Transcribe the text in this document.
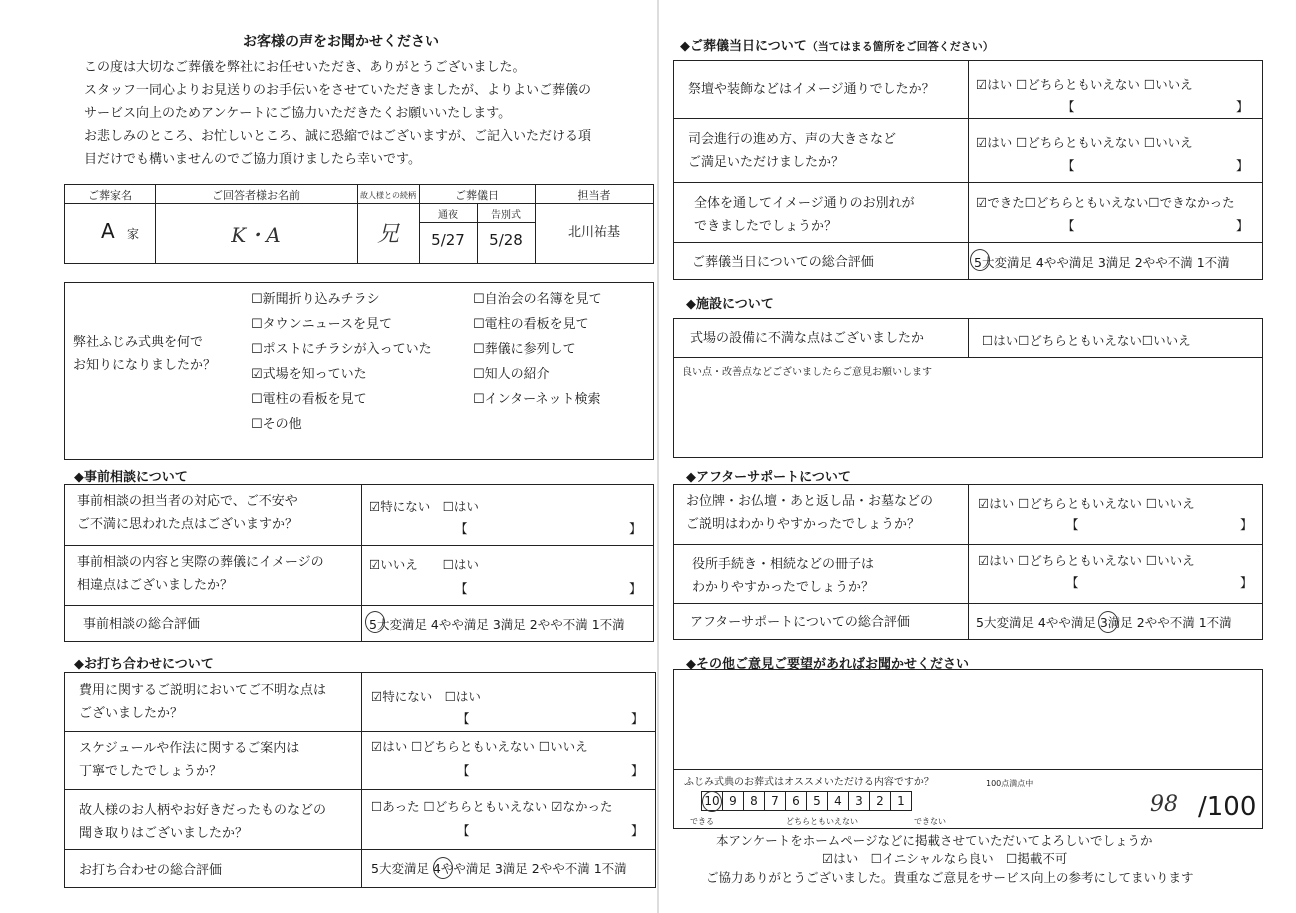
お客様の声をお聞かせください
この度は大切なご葬儀を弊社にお任せいただき、ありがとうございました。
スタッフ一同心よりお見送りのお手伝いをさせていただきましたが、よりよいご葬儀の
サービス向上のためアンケートにご協力いただきたくお願いいたします。
お悲しみのところ、お忙しいところ、誠に恐縮ではございますが、ご記入いただける項
目だけでも構いませんのでご協力頂けましたら幸いです。
ご葬家名	ご回答者様お名前	故人様との続柄	ご葬儀日	担当者
通夜	告別式
A 家	K・A	兄	5/27	5/28	北川祐基
弊社ふじみ式典を何で
お知りになりましたか？
☐新聞折り込みチラシ
☐タウンニュースを見て
☐ポストにチラシが入っていた
☑式場を知っていた
☐電柱の看板を見て
☐その他
☐自治会の名簿を見て
☐電柱の看板を見て
☐葬儀に参列して
☐知人の紹介
☐インターネット検索
◆事前相談について
事前相談の担当者の対応で、ご不安や
ご不満に思われた点はございますか？
☑特にない　☐はい
【	】
事前相談の内容と実際の葬儀にイメージの
相違点はございましたか？
☑いいえ　　☐はい
【	】
事前相談の総合評価	5大変満足 4やや満足 3満足 2やや不満 1不満
◆お打ち合わせについて
費用に関するご説明においてご不明な点は
ございましたか？
☑特にない　☐はい
【	】
スケジュールや作法に関するご案内は
丁寧でしたでしょうか？
☑はい ☐どちらともいえない ☐いいえ
【	】
故人様のお人柄やお好きだったものなどの
聞き取りはございましたか？
☐あった ☐どちらともいえない ☑なかった
【	】
お打ち合わせの総合評価	5大変満足 4やや満足 3満足 2やや不満 1不満
◆ご葬儀当日について（当てはまる箇所をご回答ください）
祭壇や装飾などはイメージ通りでしたか？	☑はい ☐どちらともいえない ☐いいえ
【	】
司会進行の進め方、声の大きさなど
ご満足いただけましたか？
☑はい ☐どちらともいえない ☐いいえ
【	】
全体を通してイメージ通りのお別れが
できましたでしょうか？
☑できた☐どちらともいえない☐できなかった
【	】
ご葬儀当日についての総合評価	5大変満足 4やや満足 3満足 2やや不満 1不満
◆施設について
式場の設備に不満な点はございましたか	☐はい☐どちらともいえない☐いいえ
良い点・改善点などございましたらご意見お願いします
◆アフターサポートについて
お位牌・お仏壇・あと返し品・お墓などの
ご説明はわかりやすかったでしょうか？
☑はい ☐どちらともいえない ☐いいえ
【	】
役所手続き・相続などの冊子は
わかりやすかったでしょうか？
☑はい ☐どちらともいえない ☐いいえ
【	】
アフターサポートについての総合評価	5大変満足 4やや満足 3満足 2やや不満 1不満
◆その他ご意見ご要望があればお聞かせください
ふじみ式典のお葬式はオススメいただける内容ですか？	100点満点中
10 9	8	7	6	5	4	3	2	1
できる	どちらともいえない	できない
98 /100
本アンケートをホームページなどに掲載させていただいてよろしいでしょうか
☑はい　☐イニシャルなら良い　☐掲載不可
ご協力ありがとうございました。貴重なご意見をサービス向上の参考にしてまいります
